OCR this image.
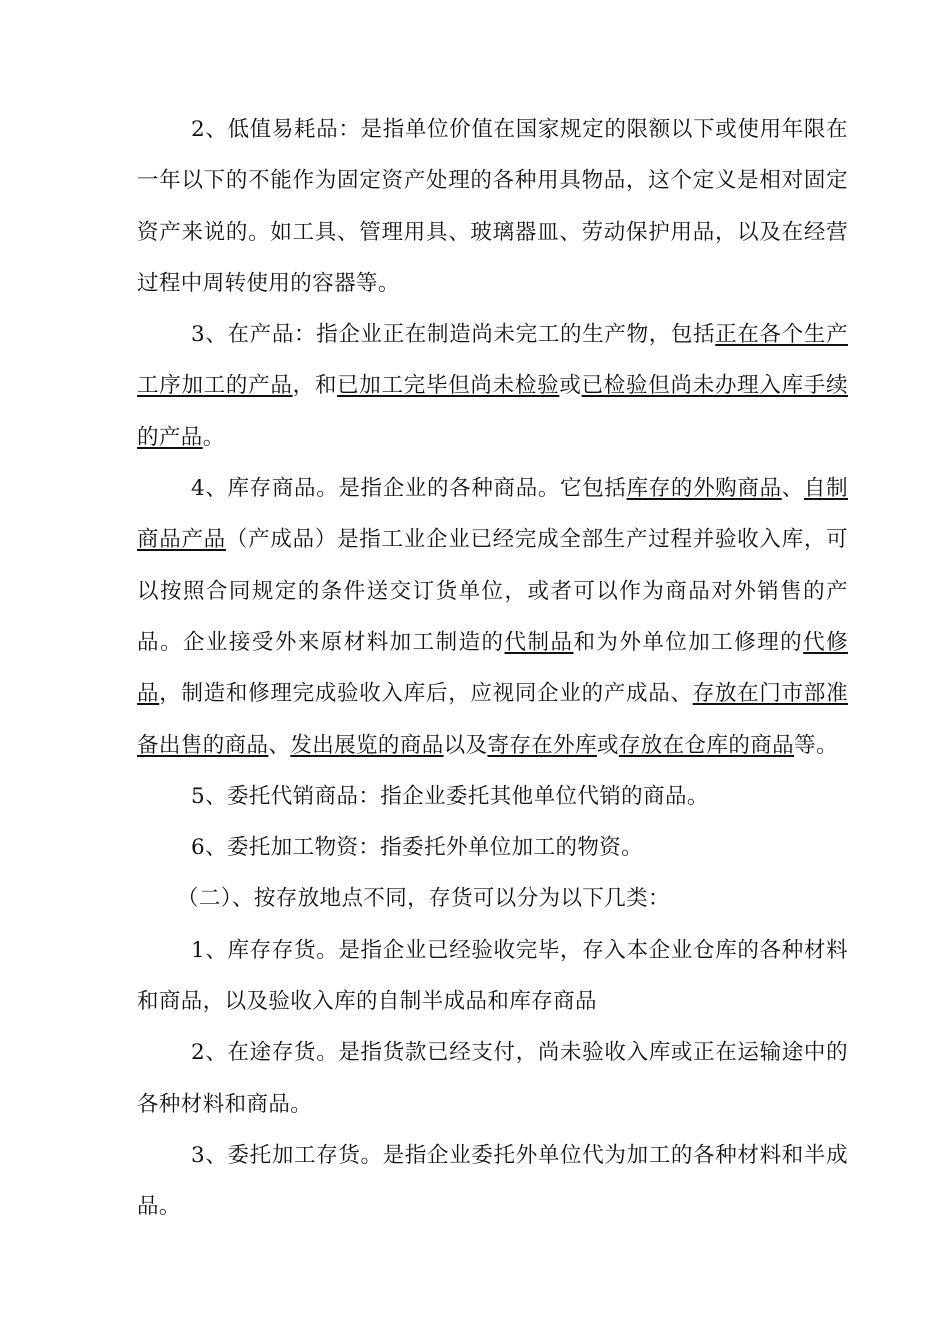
2、低值易耗品：是指单位价值在国家规定的限额以下或使用年限在一年以下的不能作为固定资产处理的各种用具物品，这个定义是相对固定资产来说的。如工具、管理用具、玻璃器皿、劳动保护用品，以及在经营过程中周转使用的容器等。

3、在产品：指企业正在制造尚未完工的生产物，包括正在各个生产工序加工的产品，和已加工完毕但尚未检验或已检验但尚未办理入库手续的产品。

4、库存商品。是指企业的各种商品。它包括库存的外购商品、自制商品产品（产成品）是指工业企业已经完成全部生产过程并验收入库，可以按照合同规定的条件送交订货单位，或者可以作为商品对外销售的产品。企业接受外来原材料加工制造的代制品和为外单位加工修理的代修品，制造和修理完成验收入库后，应视同企业的产成品、存放在门市部准备出售的商品、发出展览的商品以及寄存在外库或存放在仓库的商品等。

5、委托代销商品：指企业委托其他单位代销的商品。

6、委托加工物资：指委托外单位加工的物资。

（二）、按存放地点不同，存货可以分为以下几类：

1、库存存货。是指企业已经验收完毕，存入本企业仓库的各种材料和商品，以及验收入库的自制半成品和库存商品

2、在途存货。是指货款已经支付，尚未验收入库或正在运输途中的各种材料和商品。

3、委托加工存货。是指企业委托外单位代为加工的各种材料和半成品。
